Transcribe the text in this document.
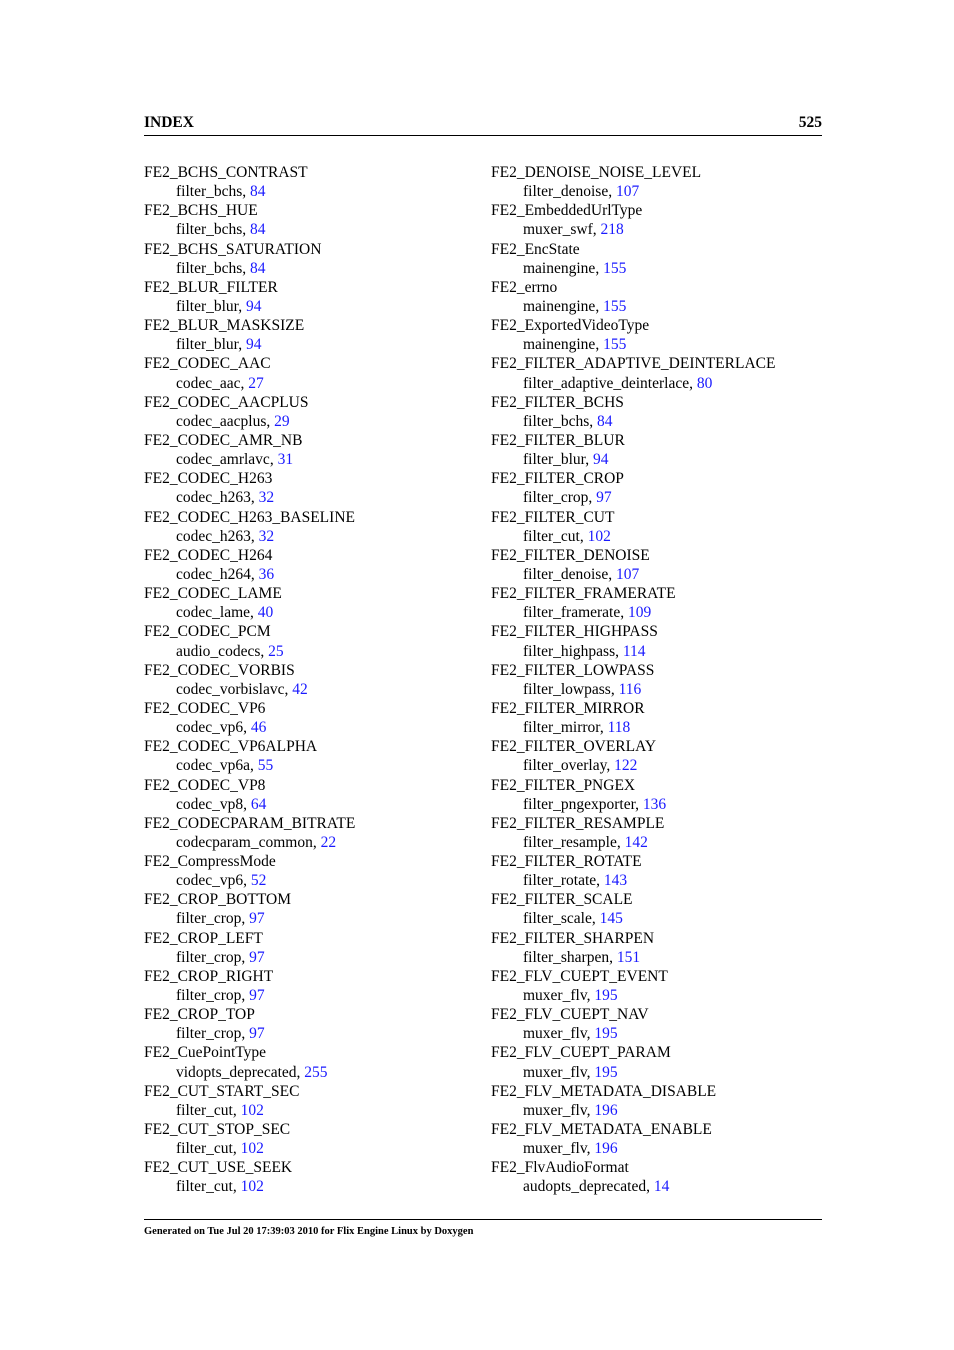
INDEX	525
FE2_BCHS_CONTRAST
filter_bchs, 84
FE2_BCHS_HUE
filter_bchs, 84
FE2_BCHS_SATURATION
filter_bchs, 84
FE2_BLUR_FILTER
filter_blur, 94
FE2_BLUR_MASKSIZE
filter_blur, 94
FE2_CODEC_AAC
codec_aac, 27
FE2_CODEC_AACPLUS
codec_aacplus, 29
FE2_CODEC_AMR_NB
codec_amrlavc, 31
FE2_CODEC_H263
codec_h263, 32
FE2_CODEC_H263_BASELINE
codec_h263, 32
FE2_CODEC_H264
codec_h264, 36
FE2_CODEC_LAME
codec_lame, 40
FE2_CODEC_PCM
audio_codecs, 25
FE2_CODEC_VORBIS
codec_vorbislavc, 42
FE2_CODEC_VP6
codec_vp6, 46
FE2_CODEC_VP6ALPHA
codec_vp6a, 55
FE2_CODEC_VP8
codec_vp8, 64
FE2_CODECPARAM_BITRATE
codecparam_common, 22
FE2_CompressMode
codec_vp6, 52
FE2_CROP_BOTTOM
filter_crop, 97
FE2_CROP_LEFT
filter_crop, 97
FE2_CROP_RIGHT
filter_crop, 97
FE2_CROP_TOP
filter_crop, 97
FE2_CuePointType
vidopts_deprecated, 255
FE2_CUT_START_SEC
filter_cut, 102
FE2_CUT_STOP_SEC
filter_cut, 102
FE2_CUT_USE_SEEK
filter_cut, 102
FE2_DENOISE_NOISE_LEVEL
filter_denoise, 107
FE2_EmbeddedUrlType
muxer_swf, 218
FE2_EncState
mainengine, 155
FE2_errno
mainengine, 155
FE2_ExportedVideoType
mainengine, 155
FE2_FILTER_ADAPTIVE_DEINTERLACE
filter_adaptive_deinterlace, 80
FE2_FILTER_BCHS
filter_bchs, 84
FE2_FILTER_BLUR
filter_blur, 94
FE2_FILTER_CROP
filter_crop, 97
FE2_FILTER_CUT
filter_cut, 102
FE2_FILTER_DENOISE
filter_denoise, 107
FE2_FILTER_FRAMERATE
filter_framerate, 109
FE2_FILTER_HIGHPASS
filter_highpass, 114
FE2_FILTER_LOWPASS
filter_lowpass, 116
FE2_FILTER_MIRROR
filter_mirror, 118
FE2_FILTER_OVERLAY
filter_overlay, 122
FE2_FILTER_PNGEX
filter_pngexporter, 136
FE2_FILTER_RESAMPLE
filter_resample, 142
FE2_FILTER_ROTATE
filter_rotate, 143
FE2_FILTER_SCALE
filter_scale, 145
FE2_FILTER_SHARPEN
filter_sharpen, 151
FE2_FLV_CUEPT_EVENT
muxer_flv, 195
FE2_FLV_CUEPT_NAV
muxer_flv, 195
FE2_FLV_CUEPT_PARAM
muxer_flv, 195
FE2_FLV_METADATA_DISABLE
muxer_flv, 196
FE2_FLV_METADATA_ENABLE
muxer_flv, 196
FE2_FlvAudioFormat
audopts_deprecated, 14
Generated on Tue Jul 20 17:39:03 2010 for Flix Engine Linux by Doxygen
